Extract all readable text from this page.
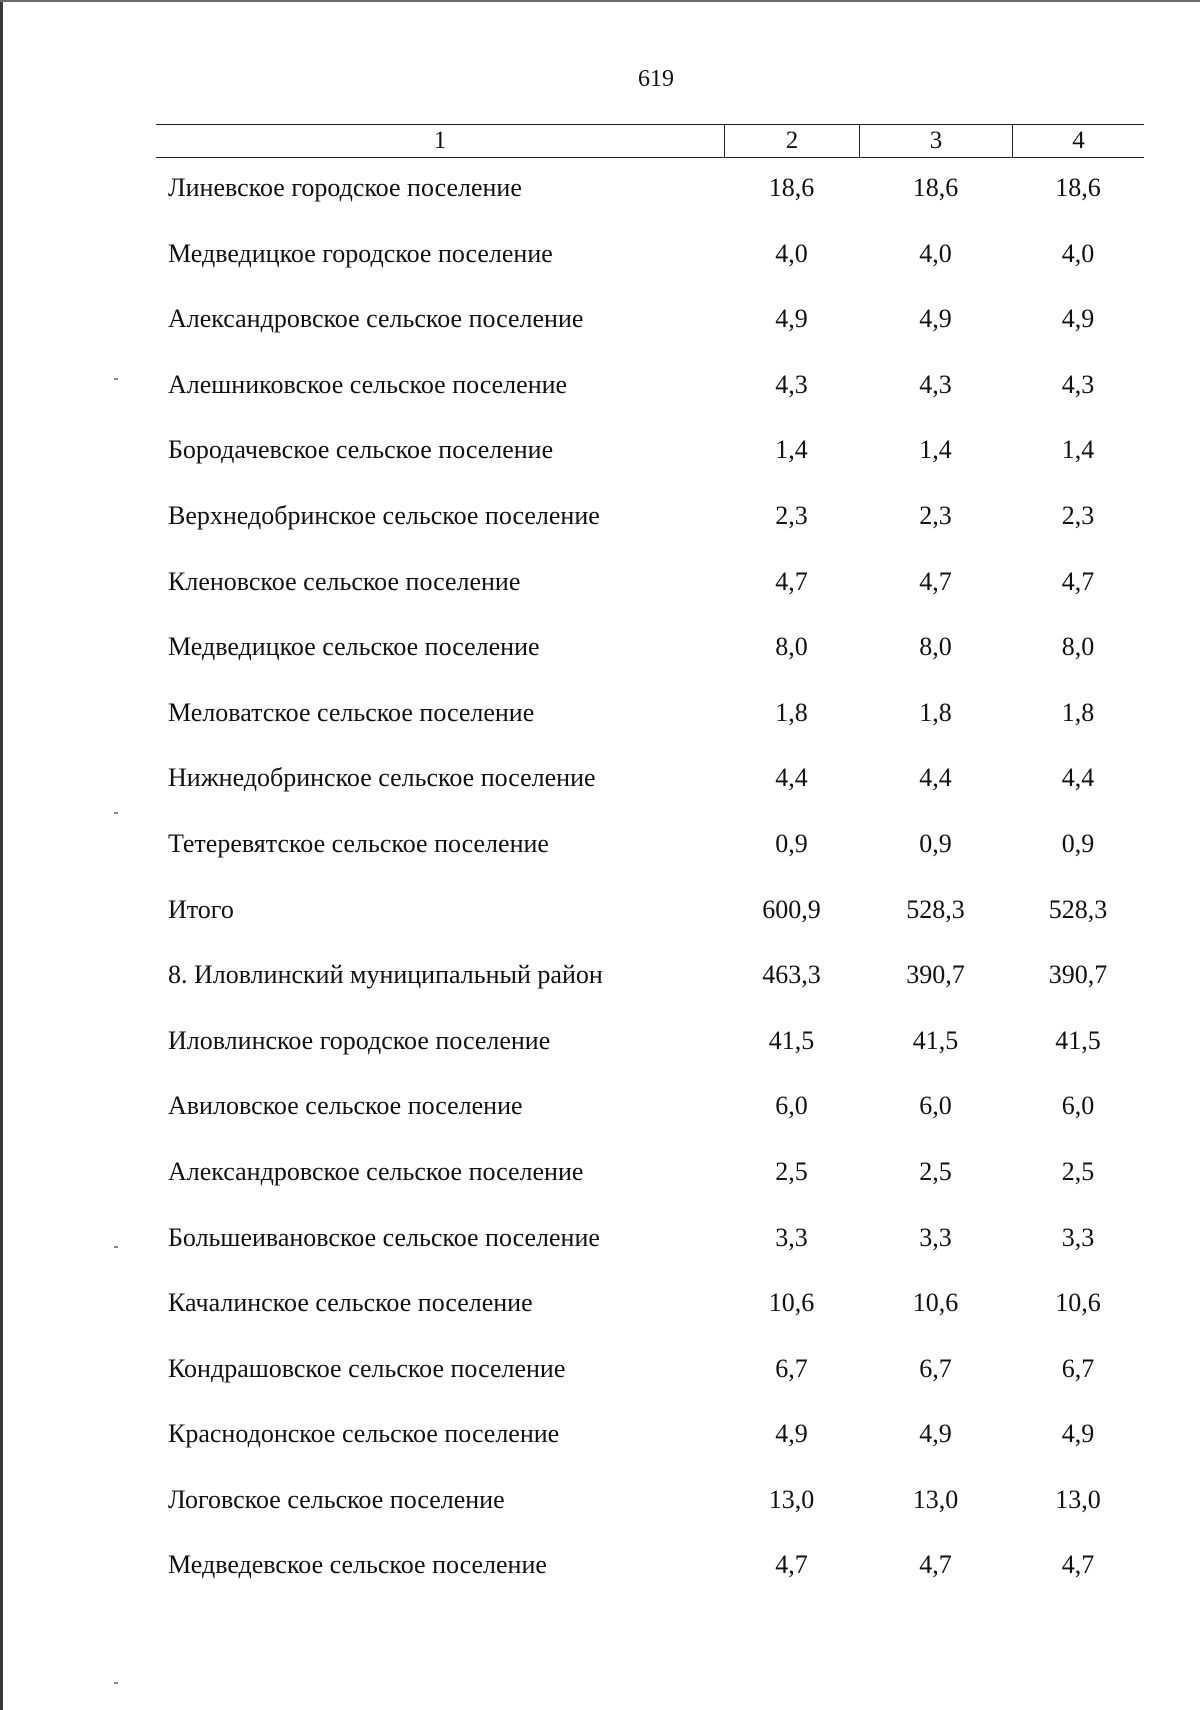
619
1	2	3	4
Линевское городское поселение	18,6	18,6	18,6
Медведицкое городское поселение	4,0	4,0	4,0
Александровское сельское поселение	4,9	4,9	4,9
Алешниковское сельское поселение	4,3	4,3	4,3
Бородачевское сельское поселение	1,4	1,4	1,4
Верхнедобринское сельское поселение	2,3	2,3	2,3
Кленовское сельское поселение	4,7	4,7	4,7
Медведицкое сельское поселение	8,0	8,0	8,0
Меловатское сельское поселение	1,8	1,8	1,8
Нижнедобринское сельское поселение	4,4	4,4	4,4
Тетеревятское сельское поселение	0,9	0,9	0,9
Итого	600,9	528,3	528,3
8. Иловлинский муниципальный район	463,3	390,7	390,7
Иловлинское городское поселение	41,5	41,5	41,5
Авиловское сельское поселение	6,0	6,0	6,0
Александровское сельское поселение	2,5	2,5	2,5
Большеивановское сельское поселение	3,3	3,3	3,3
Качалинское сельское поселение	10,6	10,6	10,6
Кондрашовское сельское поселение	6,7	6,7	6,7
Краснодонское сельское поселение	4,9	4,9	4,9
Логовское сельское поселение	13,0	13,0	13,0
Медведевское сельское поселение	4,7	4,7	4,7
